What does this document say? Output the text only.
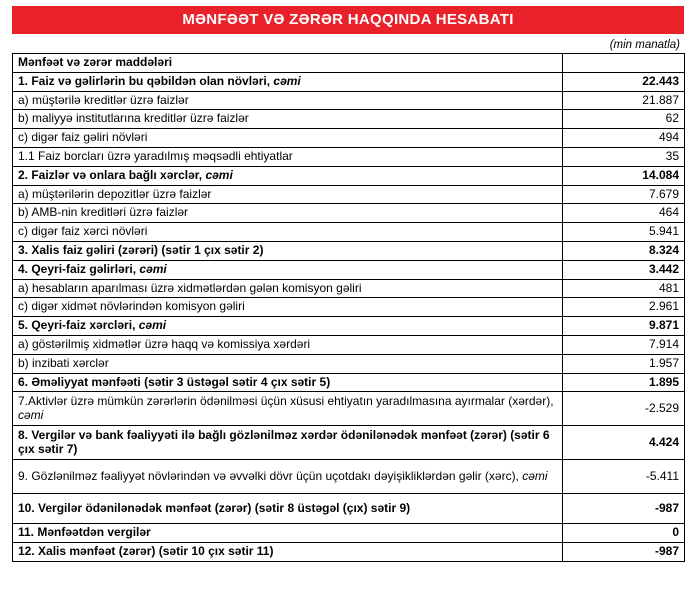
MƏNFƏƏT VƏ ZƏRƏR HAQQINDA HESABATI
(min manatla)
Mənfəət və zərər maddələri	
1. Faiz və gəlirlərin bu qəbildən olan növləri, cəmi	22.443
a) müştərilə kreditlər üzrə faizlər	21.887
b) maliyyə institutlarına kreditlər üzrə faizlər	62
c) digər faiz gəliri növləri	494
1.1 Faiz borcları üzrə yaradılmış məqsədli ehtiyatlar	35
2. Faizlər və onlara bağlı xərclər, cəmi	14.084
a) müştərilərin depozitlər üzrə faizlər	7.679
b) AMB-nin kreditləri üzrə faizlər	464
c) digər faiz xərci növləri	5.941
3. Xalis faiz gəliri (zərəri) (sətir 1 çıx sətir 2)	8.324
4. Qeyri-faiz gəlirləri, cəmi	3.442
a) hesabların aparılması üzrə xidmətlərdən gələn komisyon gəliri	481
c) digər xidmət növlərindən komisyon gəliri	2.961
5. Qeyri-faiz xərcləri, cəmi	9.871
a) göstərilmiş xidmətlər üzrə haqq və komissiya xərdəri	7.914
b) inzibati xərclər	1.957
6. Əməliyyat mənfəəti (sətir 3 üstəgəl sətir 4 çıx sətir 5)	1.895
7.Aktivlər üzrə mümkün zərərlərin ödənilməsi üçün xüsusi ehtiyatın yaradılmasına ayırmalar (xərdər), cəmi	-2.529
8. Vergilər və bank fəaliyyəti ilə bağlı gözlənilməz xərdər ödənilənədək mənfəət (zərər) (sətir 6 çıx sətir 7)	4.424
9. Gözlənilməz fəaliyyət növlərindən və əvvəlki dövr üçün uçotdakı dəyişikliklərdən gəlir (xərc), cəmi	-5.411
10. Vergilər ödənilənədək mənfəət (zərər) (sətir 8 üstəgəl (çıx) sətir 9)	-987
11. Mənfəətdən vergilər	0
12. Xalis mənfəət (zərər) (sətir 10 çıx sətir 11)	-987
